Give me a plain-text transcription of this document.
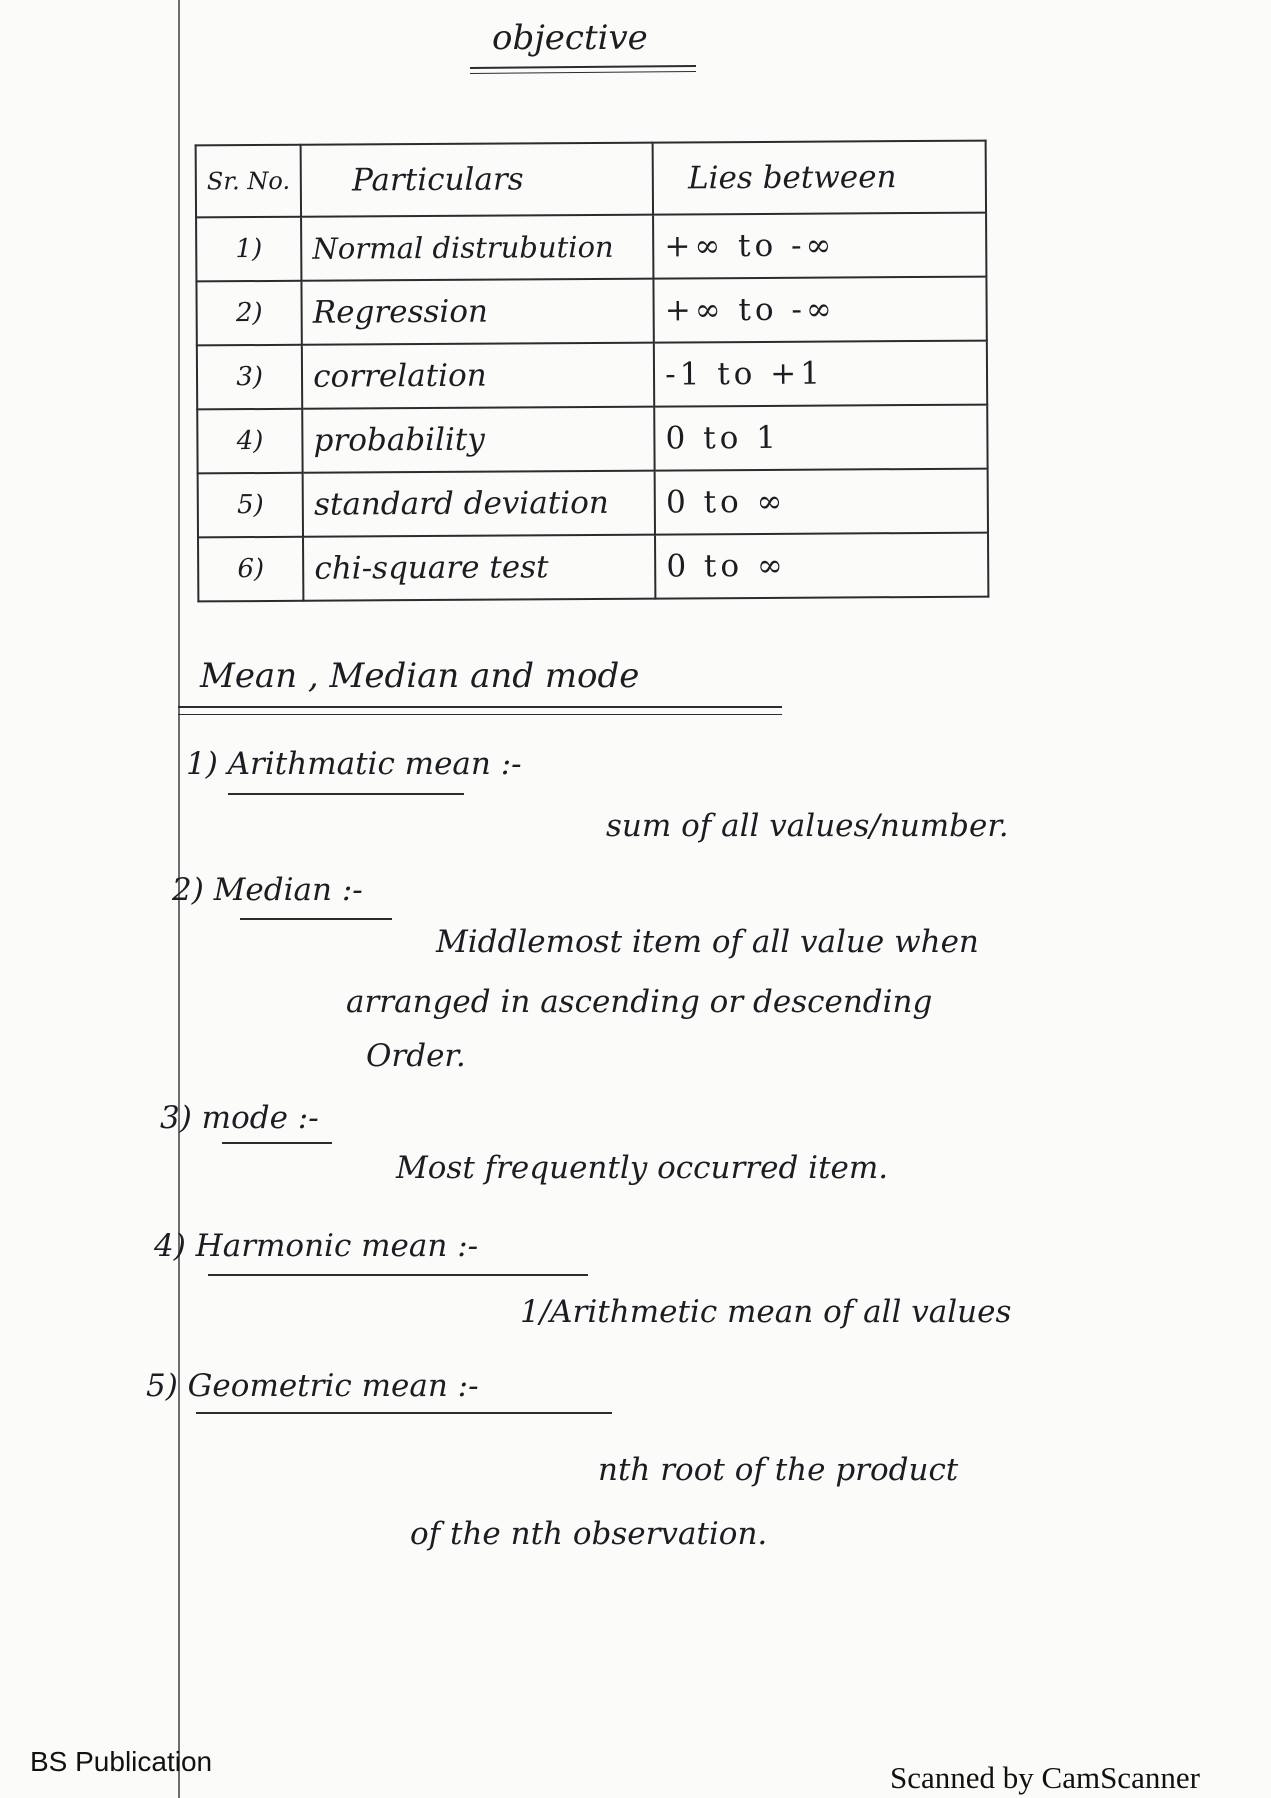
objective
Sr. No.	Particulars	Lies between
1)	Normal distrubution	+∞ to -∞
2)	Regression	+∞ to -∞
3)	correlation	-1 to +1
4)	probability	0 to 1
5)	standard deviation	0 to ∞
6)	chi-square test	0 to ∞
Mean , Median and mode
1) Arithmatic mean :-
sum of all values/number.
2) Median :-
Middlemost item of all value when
arranged in ascending or descending
Order.
3) mode :-
Most frequently occurred item.
4) Harmonic mean :-
1/Arithmetic mean of all values
5) Geometric mean :-
nth root of the product
of the nth observation.
BS Publication	Scanned by CamScanner
